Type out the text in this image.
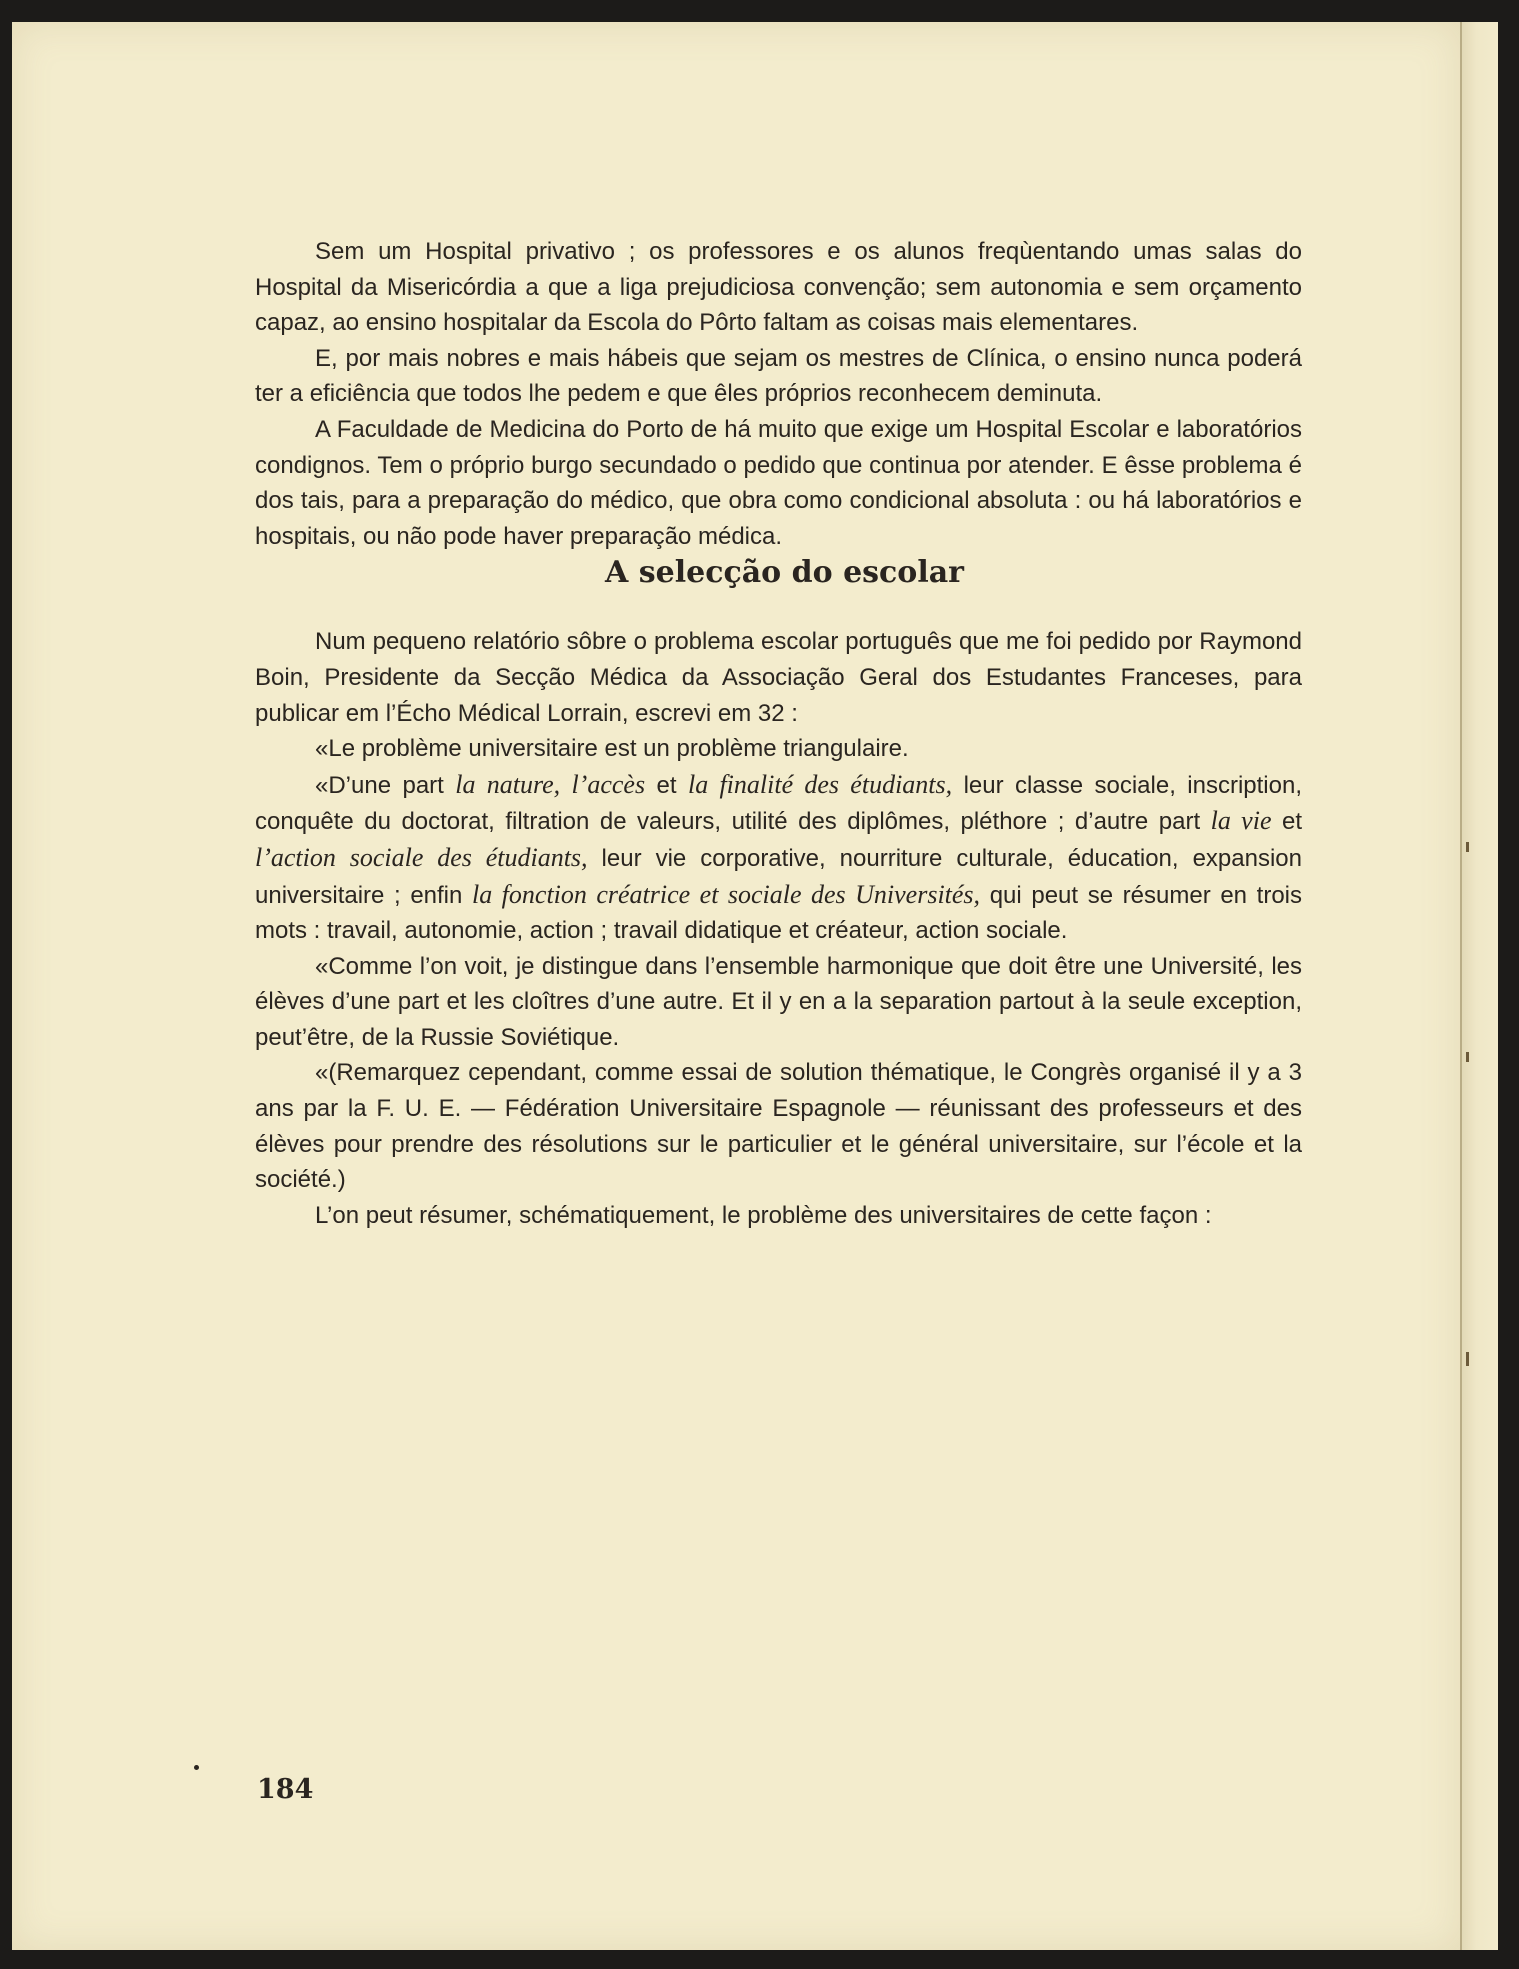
Sem um Hospital privativo ; os professores e os alunos freqùentando umas salas do Hospital da Misericórdia a que a liga prejudiciosa convenção; sem autonomia e sem orçamento capaz, ao ensino hospitalar da Escola do Pôrto faltam as coisas mais elementares.

E, por mais nobres e mais hábeis que sejam os mestres de Clínica, o ensino nunca poderá ter a eficiência que todos lhe pedem e que êles próprios reconhecem deminuta.

A Faculdade de Medicina do Porto de há muito que exige um Hospital Escolar e laboratórios condignos. Tem o próprio burgo secundado o pedido que continua por atender. E êsse problema é dos tais, para a preparação do médico, que obra como condicional absoluta : ou há laboratórios e hospitais, ou não pode haver preparação médica.

A selecção do escolar

Num pequeno relatório sôbre o problema escolar português que me foi pedido por Raymond Boin, Presidente da Secção Médica da Associação Geral dos Estudantes Franceses, para publicar em l’Écho Médical Lorrain, escrevi em 32 :

«Le problème universitaire est un problème triangulaire.

«D’une part la nature, l’accès et la finalité des étudiants, leur classe sociale, inscription, conquête du doctorat, filtration de valeurs, utilité des diplômes, pléthore ; d’autre part la vie et l’action sociale des étudiants, leur vie corporative, nourriture culturale, éducation, expansion universitaire ; enfin la fonction créatrice et sociale des Universités, qui peut se résumer en trois mots : travail, autonomie, action ; travail didatique et créateur, action sociale.

«Comme l’on voit, je distingue dans l’ensemble harmonique que doit être une Université, les élèves d’une part et les cloîtres d’une autre. Et il y en a la separation partout à la seule exception, peut’être, de la Russie Soviétique.

«(Remarquez cependant, comme essai de solution thématique, le Congrès organisé il y a 3 ans par la F. U. E. — Fédération Universitaire Espagnole — réunissant des professeurs et des élèves pour prendre des résolutions sur le particulier et le général universitaire, sur l’école et la société.)

L’on peut résumer, schématiquement, le problème des universitaires de cette façon :

184
